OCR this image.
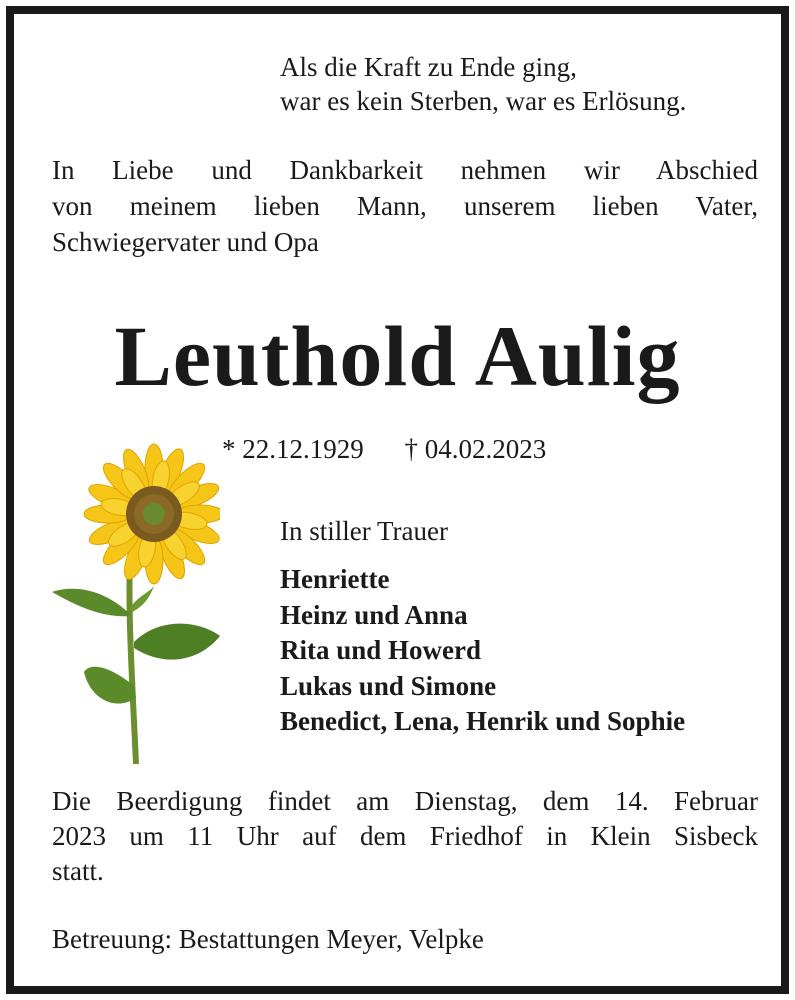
Als die Kraft zu Ende ging,
war es kein Sterben, war es Erlösung.
In Liebe und Dankbarkeit nehmen wir Abschied
von meinem lieben Mann, unserem lieben Vater,
Schwiegervater und Opa
Leuthold Aulig
* 22.12.1929 † 04.02.2023
In stiller Trauer
Henriette
Heinz und Anna
Rita und Howerd
Lukas und Simone
Benedict, Lena, Henrik und Sophie
Die Beerdigung findet am Dienstag, dem 14. Februar
2023 um 11 Uhr auf dem Friedhof in Klein Sisbeck
statt.
Betreuung: Bestattungen Meyer, Velpke
